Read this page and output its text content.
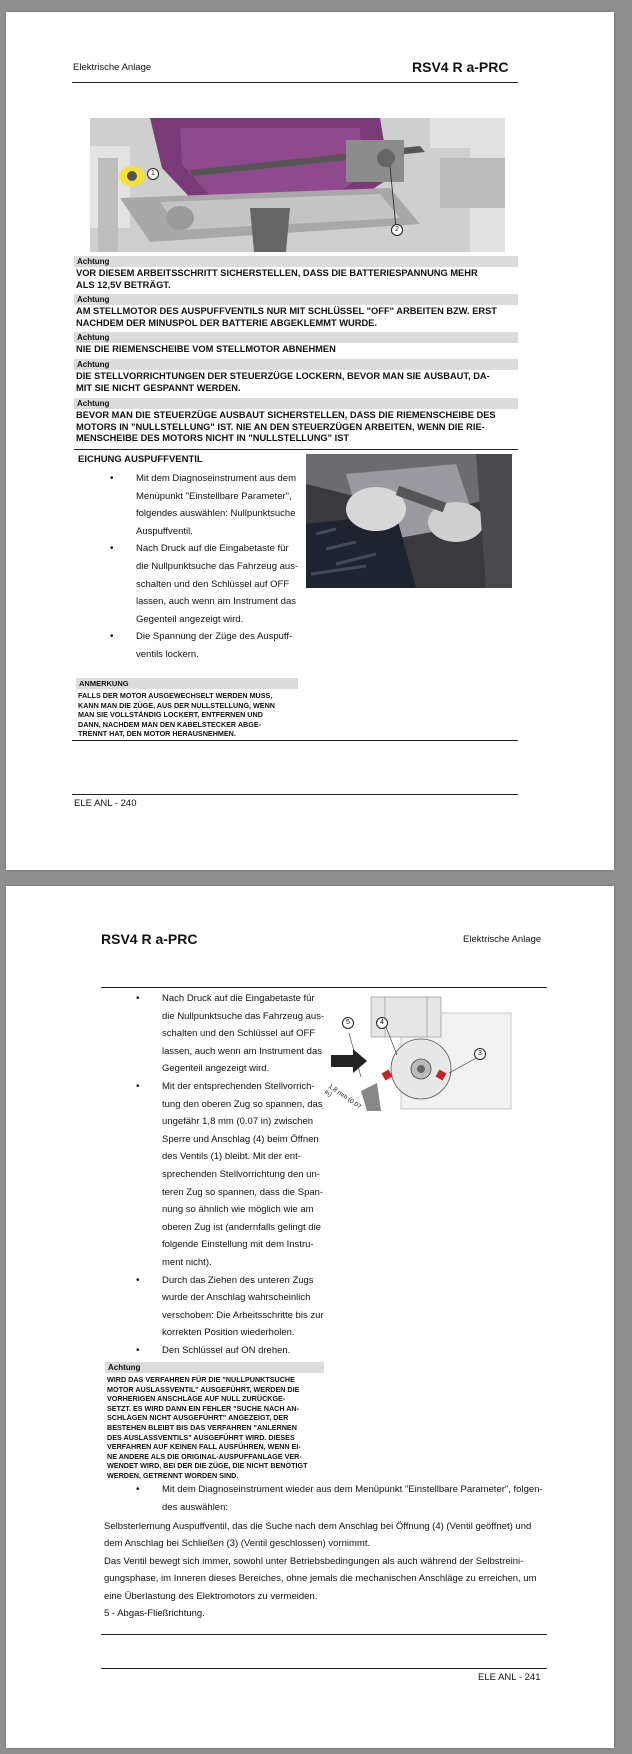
Elektrische Anlage	RSV4 R a-PRC
1
2
Achtung
VOR DIESEM ARBEITSSCHRITT SICHERSTELLEN, DASS DIE BATTERIESPANNUNG MEHR
ALS 12,5V BETRÄGT.
Achtung
AM STELLMOTOR DES AUSPUFFVENTILS NUR MIT SCHLÜSSEL "OFF" ARBEITEN BZW. ERST
NACHDEM DER MINUSPOL DER BATTERIE ABGEKLEMMT WURDE.
Achtung
NIE DIE RIEMENSCHEIBE VOM STELLMOTOR ABNEHMEN
Achtung
DIE STELLVORRICHTUNGEN DER STEUERZÜGE LOCKERN, BEVOR MAN SIE AUSBAUT, DA-
MIT SIE NICHT GESPANNT WERDEN.
Achtung
BEVOR MAN DIE STEUERZÜGE AUSBAUT SICHERSTELLEN, DASS DIE RIEMENSCHEIBE DES
MOTORS IN "NULLSTELLUNG" IST. NIE AN DEN STEUERZÜGEN ARBEITEN, WENN DIE RIE-
MENSCHEIBE DES MOTORS NICHT IN "NULLSTELLUNG" IST
EICHUNG AUSPUFFVENTIL
• Mit dem Diagnoseinstrument aus dem
Menüpunkt "Einstellbare Parameter",
folgendes auswählen: Nullpunktsuche
Auspuffventil.
• Nach Druck auf die Eingabetaste für
die Nullpunktsuche das Fahrzeug aus-
schalten und den Schlüssel auf OFF
lassen, auch wenn am Instrument das
Gegenteil angezeigt wird.
• Die Spannung der Züge des Auspuff-
ventils lockern.
ANMERKUNG
FALLS DER MOTOR AUSGEWECHSELT WERDEN MUSS,
KANN MAN DIE ZÜGE, AUS DER NULLSTELLUNG, WENN
MAN SIE VOLLSTÄNDIG LOCKERT, ENTFERNEN UND
DANN, NACHDEM MAN DEN KABELSTECKER ABGE-
TRENNT HAT, DEN MOTOR HERAUSNEHMEN.
ELE ANL - 240
RSV4 R a-PRC	Elektrische Anlage
• Nach Druck auf die Eingabetaste für
die Nullpunktsuche das Fahrzeug aus-
schalten und den Schlüssel auf OFF
lassen, auch wenn am Instrument das
Gegenteil angezeigt wird.
• Mit der entsprechenden Stellvorrich-
tung den oberen Zug so spannen, das
ungefähr 1,8 mm (0.07 in) zwischen
Sperre und Anschlag (4) beim Öffnen
des Ventils (1) bleibt. Mit der ent-
sprechenden Stellvorrichtung den un-
teren Zug so spannen, dass die Span-
nung so ähnlich wie möglich wie am
oberen Zug ist (andernfalls gelingt die
folgende Einstellung mit dem Instru-
ment nicht).
• Durch das Ziehen des unteren Zugs
wurde der Anschlag wahrscheinlich
verschoben: Die Arbeitsschritte bis zur
korrekten Position wiederholen.
• Den Schlüssel auf ON drehen.
5	4
3
1,8 mm (0.07 in)
Achtung
WIRD DAS VERFAHREN FÜR DIE "NULLPUNKTSUCHE
MOTOR AUSLASSVENTIL" AUSGEFÜHRT, WERDEN DIE
VORHERIGEN ANSCHLÄGE AUF NULL ZURÜCKGE-
SETZT. ES WIRD DANN EIN FEHLER "SUCHE NACH AN-
SCHLÄGEN NICHT AUSGEFÜHRT" ANGEZEIGT, DER
BESTEHEN BLEIBT BIS DAS VERFAHREN "ANLERNEN
DES AUSLASSVENTILS" AUSGEFÜHRT WIRD. DIESES
VERFAHREN AUF KEINEN FALL AUSFÜHREN, WENN EI-
NE ANDERE ALS DIE ORIGINAL-AUSPUFFANLAGE VER-
WENDET WIRD, BEI DER DIE ZÜGE, DIE NICHT BENÖTIGT
WERDEN, GETRENNT WORDEN SIND.
• Mit dem Diagnoseinstrument wieder aus dem Menüpunkt "Einstellbare Parameter", folgen-
des auswählen:
Selbsterlernung Auspuffventil, das die Suche nach dem Anschlag bei Öffnung (4) (Ventil geöffnet) und
dem Anschlag bei Schließen (3) (Ventil geschlossen) vornimmt.
Das Ventil bewegt sich immer, sowohl unter Betriebsbedingungen als auch während der Selbstreini-
gungsphase, im Inneren dieses Bereiches, ohne jemals die mechanischen Anschläge zu erreichen, um
eine Überlastung des Elektromotors zu vermeiden.
5 - Abgas-Fließrichtung.
ELE ANL - 241
